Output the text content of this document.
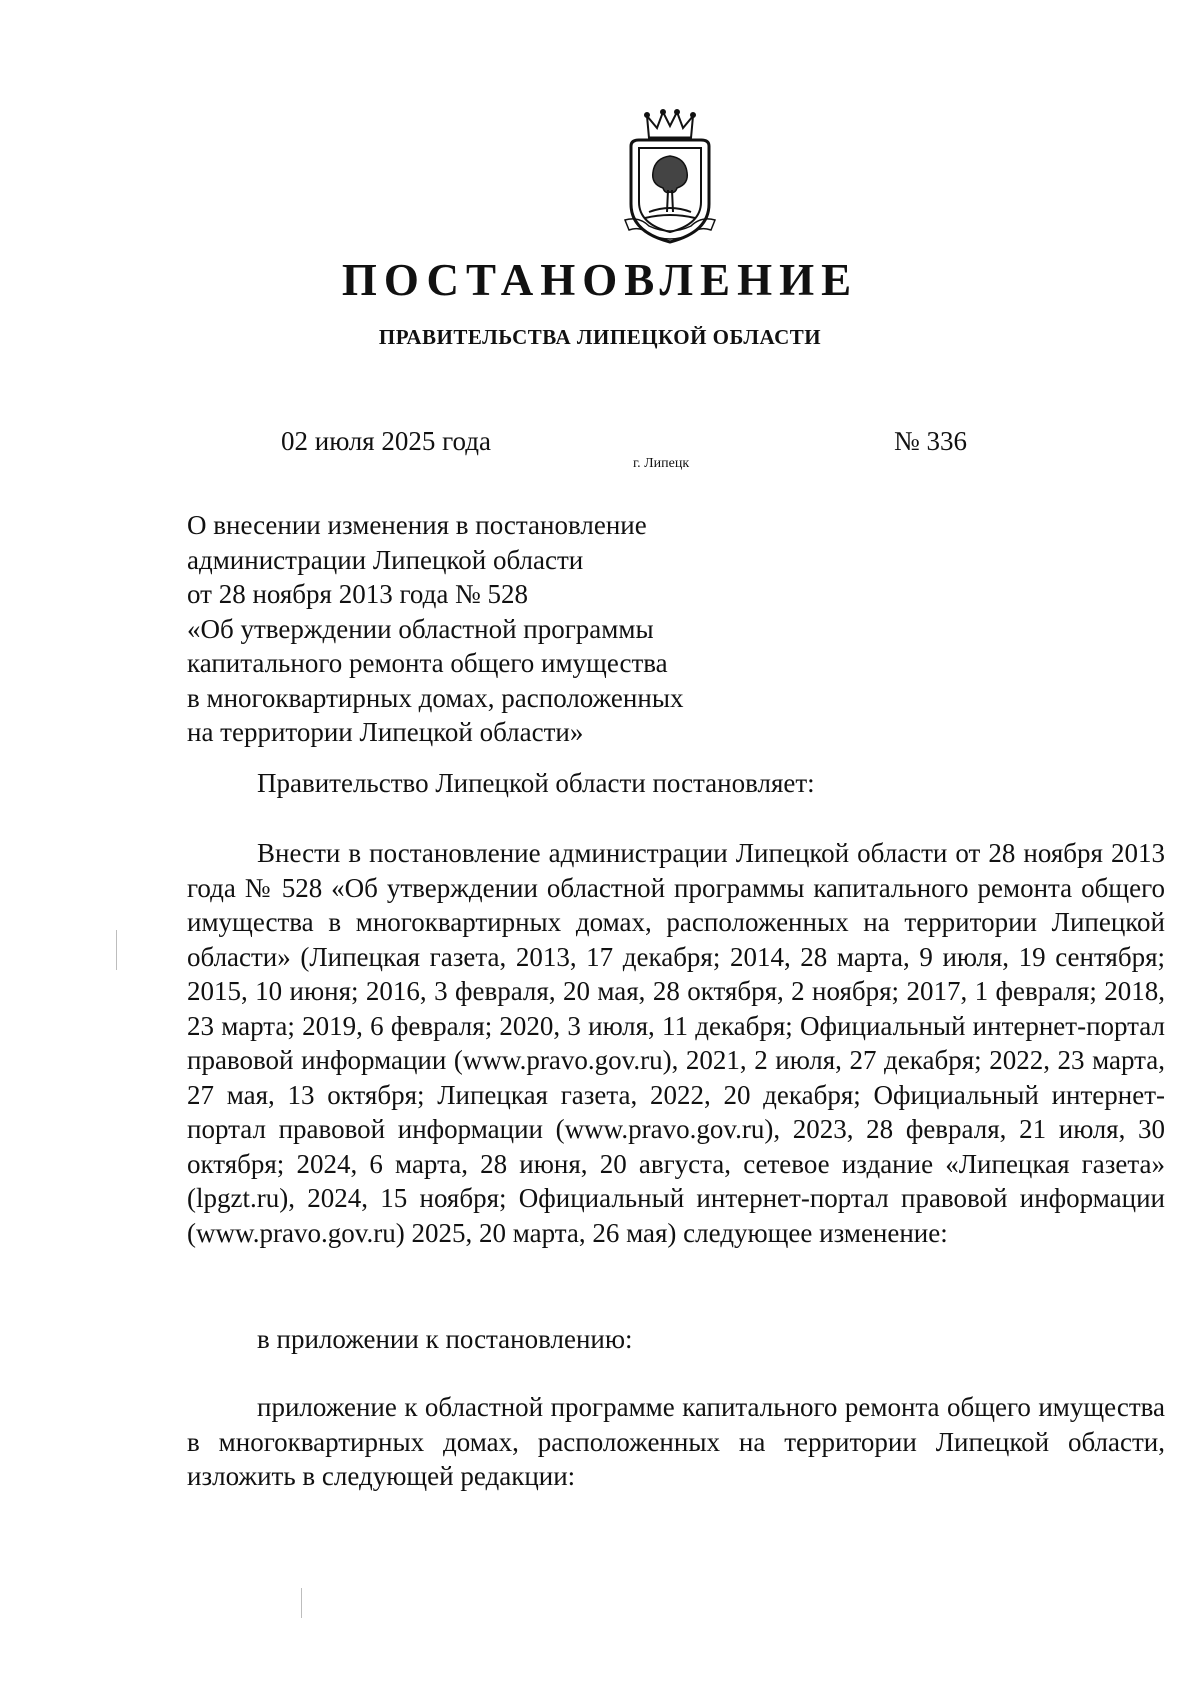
ПОСТАНОВЛЕНИЕ
ПРАВИТЕЛЬСТВА ЛИПЕЦКОЙ ОБЛАСТИ
02 июля 2025 года
г. Липецк
№ 336
О внесении изменения в постановление
администрации Липецкой области
от 28 ноября 2013 года № 528
«Об утверждении областной программы
капитального ремонта общего имущества
в многоквартирных домах, расположенных
на территории Липецкой области»

Правительство Липецкой области постановляет:

Внести в постановление администрации Липецкой области от 28 ноября 2013 года № 528 «Об утверждении областной программы капитального ремонта общего имущества в многоквартирных домах, расположенных на территории Липецкой области» (Липецкая газета, 2013, 17 декабря; 2014, 28 марта, 9 июля, 19 сентября; 2015, 10 июня; 2016, 3 февраля, 20 мая, 28 октября, 2 ноября; 2017, 1 февраля; 2018, 23 марта; 2019, 6 февраля; 2020, 3 июля, 11 декабря; Официальный интернет-портал правовой информации (www.pravo.gov.ru), 2021, 2 июля, 27 декабря; 2022, 23 марта, 27 мая, 13 октября; Липецкая газета, 2022, 20 декабря; Официальный интернет-портал правовой информации (www.pravo.gov.ru), 2023, 28 февраля, 21 июля, 30 октября; 2024, 6 марта, 28 июня, 20 августа, сетевое издание «Липецкая газета» (lpgzt.ru), 2024, 15 ноября; Официальный интернет-портал правовой информации (www.pravo.gov.ru) 2025, 20 марта, 26 мая) следующее изменение:

в приложении к постановлению:

приложение к областной программе капитального ремонта общего имущества в многоквартирных домах, расположенных на территории Липецкой области, изложить в следующей редакции:
